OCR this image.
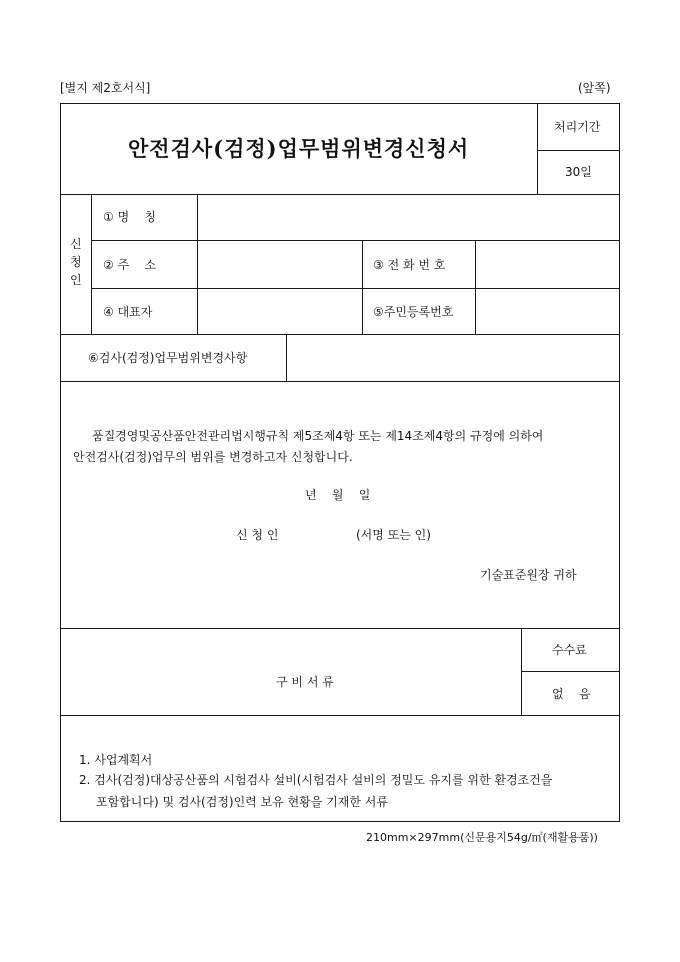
[별지 제2호서식]	(앞쪽)
안전검사(검정)업무범위변경신청서
처리기간
30일
신
청
인
① 명    칭
② 주    소	③ 전 화 번 호
④ 대표자	⑤주민등록번호
⑥검사(검정)업무범위변경사항
품질경영및공산품안전관리법시행규칙 제5조제4항 또는 제14조제4항의 규정에 의하여
안전검사(검정)업무의 범위를 변경하고자 신청합니다.
년    월    일
신 청 인	(서명 또는 인)
기술표준원장 귀하
구 비 서 류
수수료
없    음
1. 사업계획서
2. 검사(검정)대상공산품의 시험검사 설비(시험검사 설비의 정밀도 유지를 위한 환경조건을
포함합니다) 및 검사(검정)인력 보유 현황을 기재한 서류
210mm×297mm(신문용지54g/㎡(재활용품))
